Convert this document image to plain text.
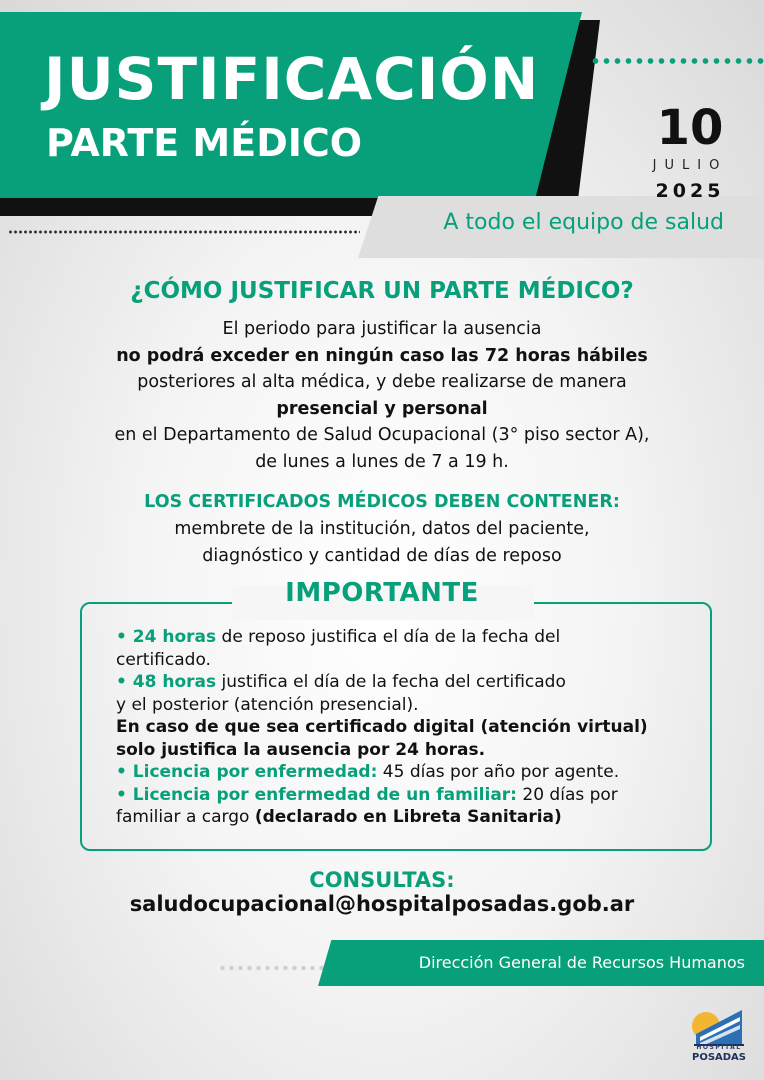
JUSTIFICACIÓN
PARTE MÉDICO	10
JULIO
2025
A todo el equipo de salud
¿CÓMO JUSTIFICAR UN PARTE MÉDICO?
El periodo para justificar la ausencia
no podrá exceder en ningún caso las 72 horas hábiles
posteriores al alta médica, y debe realizarse de manera
presencial y personal
en el Departamento de Salud Ocupacional (3° piso sector A),
de lunes a lunes de 7 a 19 h.
LOS CERTIFICADOS MÉDICOS DEBEN CONTENER:
membrete de la institución, datos del paciente,
diagnóstico y cantidad de días de reposo
IMPORTANTE
• 24 horas de reposo justifica el día de la fecha del
certificado.
• 48 horas justifica el día de la fecha del certificado
y el posterior (atención presencial).
En caso de que sea certificado digital (atención virtual)
solo justifica la ausencia por 24 horas.
• Licencia por enfermedad: 45 días por año por agente.
• Licencia por enfermedad de un familiar: 20 días por
familiar a cargo (declarado en Libreta Sanitaria)
CONSULTAS:
saludocupacional@hospitalposadas.gob.ar
Dirección General de Recursos Humanos
HOSPITAL
POSADAS
